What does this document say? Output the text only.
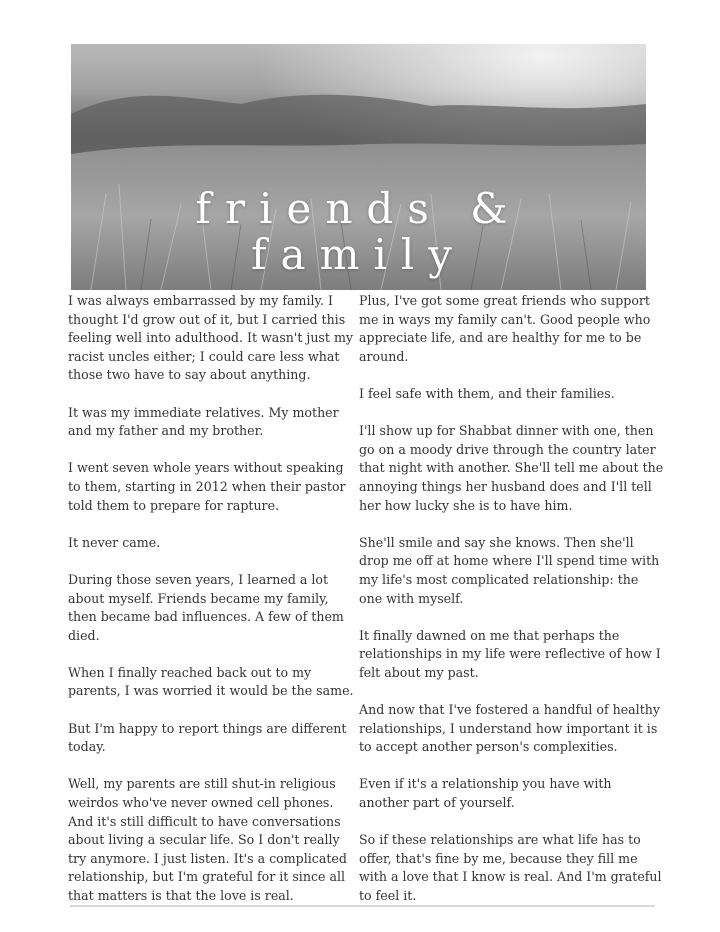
friends &
family

I was always embarrassed by my family. I thought I'd grow out of it, but I carried this feeling well into adulthood. It wasn't just my racist uncles either; I could care less what those two have to say about anything.

It was my immediate relatives. My mother and my father and my brother.

I went seven whole years without speaking to them, starting in 2012 when their pastor told them to prepare for rapture.

It never came.

During those seven years, I learned a lot about myself. Friends became my family, then became bad influences. A few of them died.

When I finally reached back out to my parents, I was worried it would be the same.

But I'm happy to report things are different today.

Well, my parents are still shut-in religious weirdos who've never owned cell phones. And it's still difficult to have conversations about living a secular life. So I don't really try anymore. I just listen. It's a complicated relationship, but I'm grateful for it since all that matters is that the love is real.

Plus, I've got some great friends who support me in ways my family can't. Good people who appreciate life, and are healthy for me to be around.

I feel safe with them, and their families.

I'll show up for Shabbat dinner with one, then go on a moody drive through the country later that night with another. She'll tell me about the annoying things her husband does and I'll tell her how lucky she is to have him.

She'll smile and say she knows. Then she'll drop me off at home where I'll spend time with my life's most complicated relationship: the one with myself.

It finally dawned on me that perhaps the relationships in my life were reflective of how I felt about my past.

And now that I've fostered a handful of healthy relationships, I understand how important it is to accept another person's complexities.

Even if it's a relationship you have with another part of yourself.

So if these relationships are what life has to offer, that's fine by me, because they fill me with a love that I know is real. And I'm grateful to feel it.
